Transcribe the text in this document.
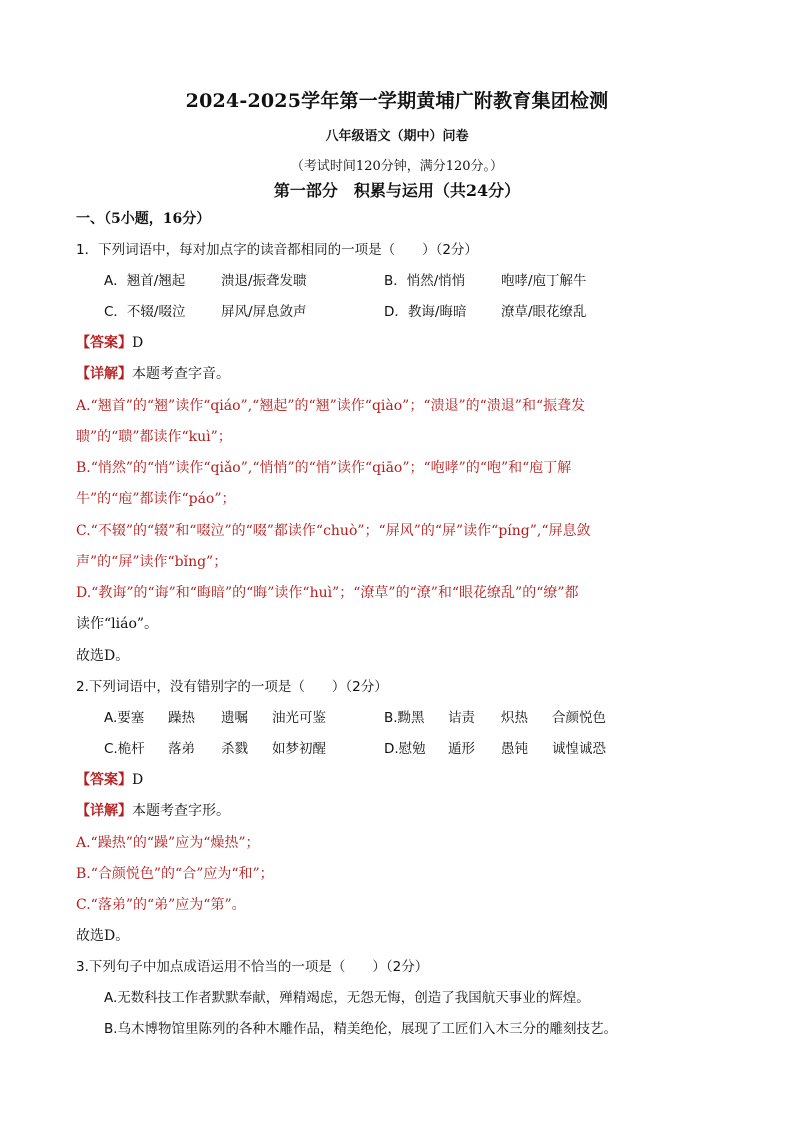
2024-2025学年第一学期黄埔广附教育集团检测
八年级语文（期中）问卷
（考试时间120分钟，满分120分。）
第一部分　积累与运用（共24分）
一、（5小题，16分）
1．下列词语中，每对加点字的读音都相同的一项是（　　）（2分）
A．翘首/翘起	溃退/振聋发聩	B．悄然/悄悄	咆哮/庖丁解牛
C．不辍/啜泣	屏风/屏息敛声	D．教诲/晦暗	潦草/眼花缭乱
【答案】D
【详解】本题考查字音。
A.“翘首”的“翘”读作“qiáo”,“翘起”的“翘”读作“qiào”；“溃退”的“溃退”和“振聋发
聩”的“聩”都读作“kuì”；
B.“悄然”的“悄”读作“qiǎo”,“悄悄”的“悄”读作“qiāo”；“咆哮”的“咆”和“庖丁解
牛”的“庖”都读作“páo”；
C.“不辍”的“辍”和“啜泣”的“啜”都读作“chuò”；“屏风”的“屏”读作“píng”,“屏息敛
声”的“屏”读作“bǐng”；
D.“教诲”的“诲”和“晦暗”的“晦”读作“huì”；“潦草”的“潦”和“眼花缭乱”的“缭”都
读作“liáo”。
故选D。
2.下列词语中，没有错别字的一项是（　　）（2分）
A.要塞 躁热 遗嘱 油光可鉴	B.黝黑 诘责 炽热 合颜悦色
C.桅杆 落弟 杀戮 如梦初醒	D.慰勉 遁形 愚钝 诚惶诚恐
【答案】D
【详解】本题考查字形。
A.“躁热”的“躁”应为“燥热”；
B.“合颜悦色”的“合”应为“和”；
C.“落弟”的“弟”应为“第”。
故选D。
3.下列句子中加点成语运用不恰当的一项是（　　）（2分）
A.无数科技工作者默默奉献，殚精竭虑，无怨无悔，创造了我国航天事业的辉煌。
B.乌木博物馆里陈列的各种木雕作品，精美绝伦，展现了工匠们入木三分的雕刻技艺。
